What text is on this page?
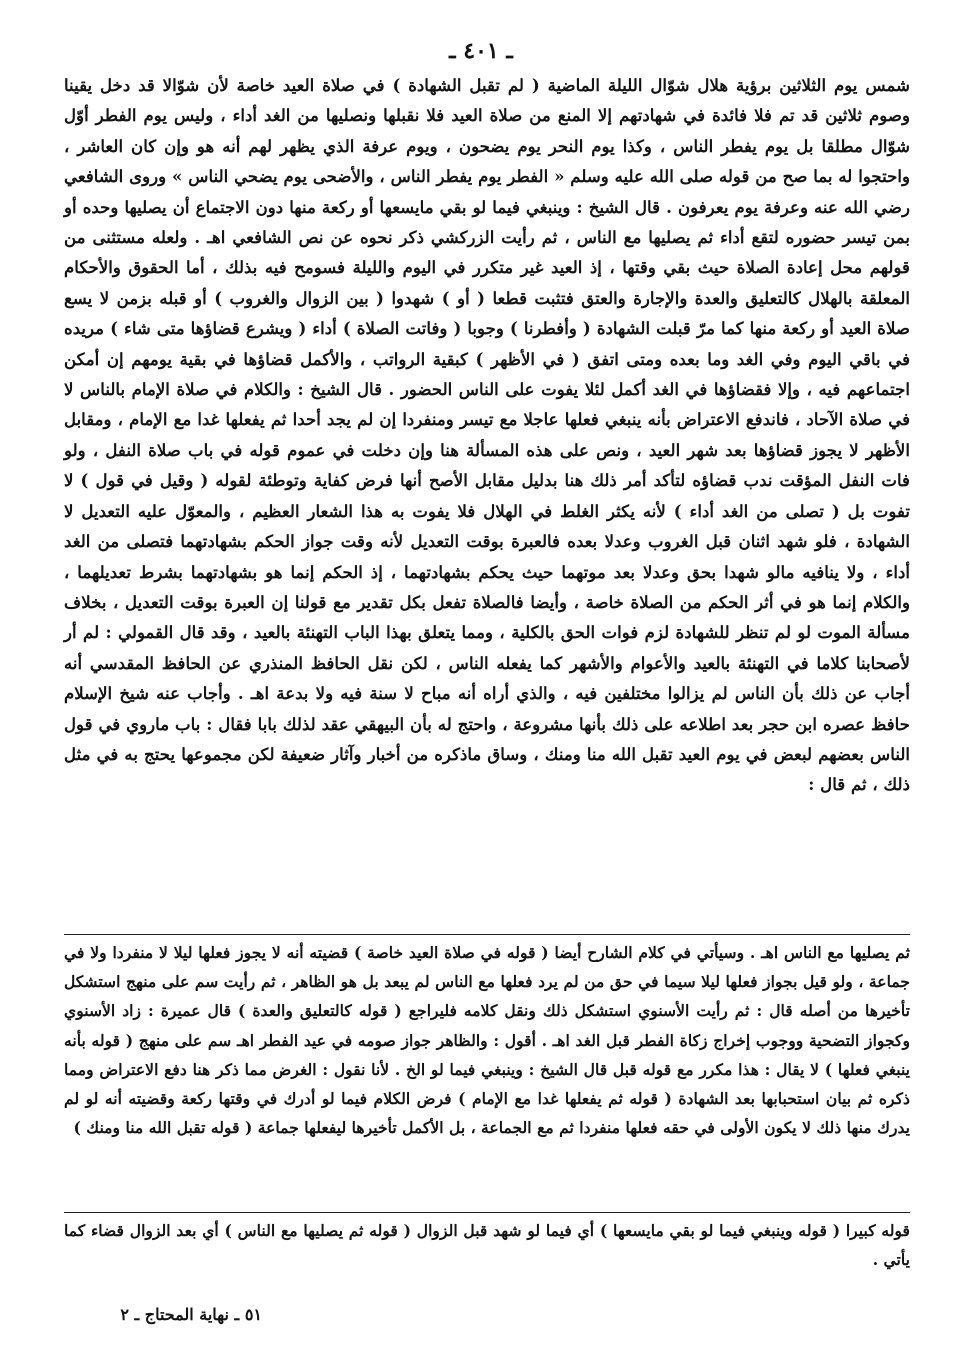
ـ ٤٠١ ـ

شمس يوم الثلاثين برؤية هلال شوّال الليلة الماضية ( لم تقبل الشهادة ) في صلاة العيد خاصة لأن شوّالا قد دخل يقينا وصوم ثلاثين قد تم فلا فائدة في شهادتهم إلا المنع من صلاة العيد فلا نقبلها ونصليها من الغد أداء ، وليس يوم الفطر أوّل شوّال مطلقا بل يوم يفطر الناس ، وكذا يوم النحر يوم يضحون ، ويوم عرفة الذي يظهر لهم أنه هو وإن كان العاشر ، واحتجوا له بما صح من قوله صلى الله عليه وسلم « الفطر يوم يفطر الناس ، والأضحى يوم يضحي الناس » وروى الشافعي رضي الله عنه وعرفة يوم يعرفون . قال الشيخ : وينبغي فيما لو بقي مايسعها أو ركعة منها دون الاجتماع أن يصليها وحده أو بمن تيسر حضوره لتقع أداء ثم يصليها مع الناس ، ثم رأيت الزركشي ذكر نحوه عن نص الشافعي اهـ . ولعله مستثنى من قولهم محل إعادة الصلاة حيث بقي وقتها ، إذ العيد غير متكرر في اليوم والليلة فسومح فيه بذلك ، أما الحقوق والأحكام المعلقة بالهلال كالتعليق والعدة والإجارة والعتق فتثبت قطعا ( أو ) شهدوا ( بين الزوال والغروب ) أو قبله بزمن لا يسع صلاة العيد أو ركعة منها كما مرّ قبلت الشهادة ( وأفطرنا ) وجوبا ( وفاتت الصلاة ) أداء ( ويشرع قضاؤها متى شاء ) مريده في باقي اليوم وفي الغد وما بعده ومتى اتفق ( في الأظهر ) كبقية الرواتب ، والأكمل قضاؤها في بقية يومهم إن أمكن اجتماعهم فيه ، وإلا فقضاؤها في الغد أكمل لئلا يفوت على الناس الحضور . قال الشيخ : والكلام في صلاة الإمام بالناس لا في صلاة الآحاد ، فاندفع الاعتراض بأنه ينبغي فعلها عاجلا مع تيسر ومنفردا إن لم يجد أحدا ثم يفعلها غدا مع الإمام ، ومقابل الأظهر لا يجوز قضاؤها بعد شهر العيد ، ونص على هذه المسألة هنا وإن دخلت في عموم قوله في باب صلاة النفل ، ولو فات النفل المؤقت ندب قضاؤه لتأكد أمر ذلك هنا بدليل مقابل الأصح أنها فرض كفاية وتوطئة لقوله ( وقيل في قول ) لا تفوت بل ( تصلى من الغد أداء ) لأنه يكثر الغلط في الهلال فلا يفوت به هذا الشعار العظيم ، والمعوّل عليه التعديل لا الشهادة ، فلو شهد اثنان قبل الغروب وعدلا بعده فالعبرة بوقت التعديل لأنه وقت جواز الحكم بشهادتهما فتصلى من الغد أداء ، ولا ينافيه مالو شهدا بحق وعدلا بعد موتهما حيث يحكم بشهادتهما ، إذ الحكم إنما هو بشهادتهما بشرط تعديلهما ، والكلام إنما هو في أثر الحكم من الصلاة خاصة ، وأيضا فالصلاة تفعل بكل تقدير مع قولنا إن العبرة بوقت التعديل ، بخلاف مسألة الموت لو لم تنظر للشهادة لزم فوات الحق بالكلية ، ومما يتعلق بهذا الباب التهنئة بالعيد ، وقد قال القمولي : لم أر لأصحابنا كلاما في التهنئة بالعيد والأعوام والأشهر كما يفعله الناس ، لكن نقل الحافظ المنذري عن الحافظ المقدسي أنه أجاب عن ذلك بأن الناس لم يزالوا مختلفين فيه ، والذي أراه أنه مباح لا سنة فيه ولا بدعة اهـ . وأجاب عنه شيخ الإسلام حافظ عصره ابن حجر بعد اطلاعه على ذلك بأنها مشروعة ، واحتج له بأن البيهقي عقد لذلك بابا فقال : باب ماروي في قول الناس بعضهم لبعض في يوم العيد تقبل الله منا ومنك ، وساق ماذكره من أخبار وآثار ضعيفة لكن مجموعها يحتج به في مثل ذلك ، ثم قال :

ثم يصليها مع الناس اهـ . وسيأتي في كلام الشارح أيضا ( قوله في صلاة العيد خاصة ) قضيته أنه لا يجوز فعلها ليلا لا منفردا ولا في جماعة ، ولو قيل بجواز فعلها ليلا سيما في حق من لم يرد فعلها مع الناس لم يبعد بل هو الظاهر ، ثم رأيت سم على منهج استشكل تأخيرها من أصله قال : ثم رأيت الأسنوي استشكل ذلك ونقل كلامه فليراجع ( قوله كالتعليق والعدة ) قال عميرة : زاد الأسنوي وكجواز التضحية ووجوب إخراج زكاة الفطر قبل الغد اهـ . أقول : والظاهر جواز صومه في عيد الفطر اهـ سم على منهج ( قوله بأنه ينبغي فعلها ) لا يقال : هذا مكرر مع قوله قبل قال الشيخ : وينبغي فيما لو الخ . لأنا نقول : الغرض مما ذكر هنا دفع الاعتراض ومما ذكره ثم بيان استحبابها بعد الشهادة ( قوله ثم يفعلها غدا مع الإمام ) فرض الكلام فيما لو أدرك في وقتها ركعة وقضيته أنه لو لم يدرك منها ذلك لا يكون الأولى في حقه فعلها منفردا ثم مع الجماعة ، بل الأكمل تأخيرها ليفعلها جماعة ( قوله تقبل الله منا ومنك )

قوله كبيرا ( قوله وينبغي فيما لو بقي مايسعها ) أي فيما لو شهد قبل الزوال ( قوله ثم يصليها مع الناس ) أي بعد الزوال قضاء كما يأتي .

٥١ ـ نهاية المحتاج ـ ٢
